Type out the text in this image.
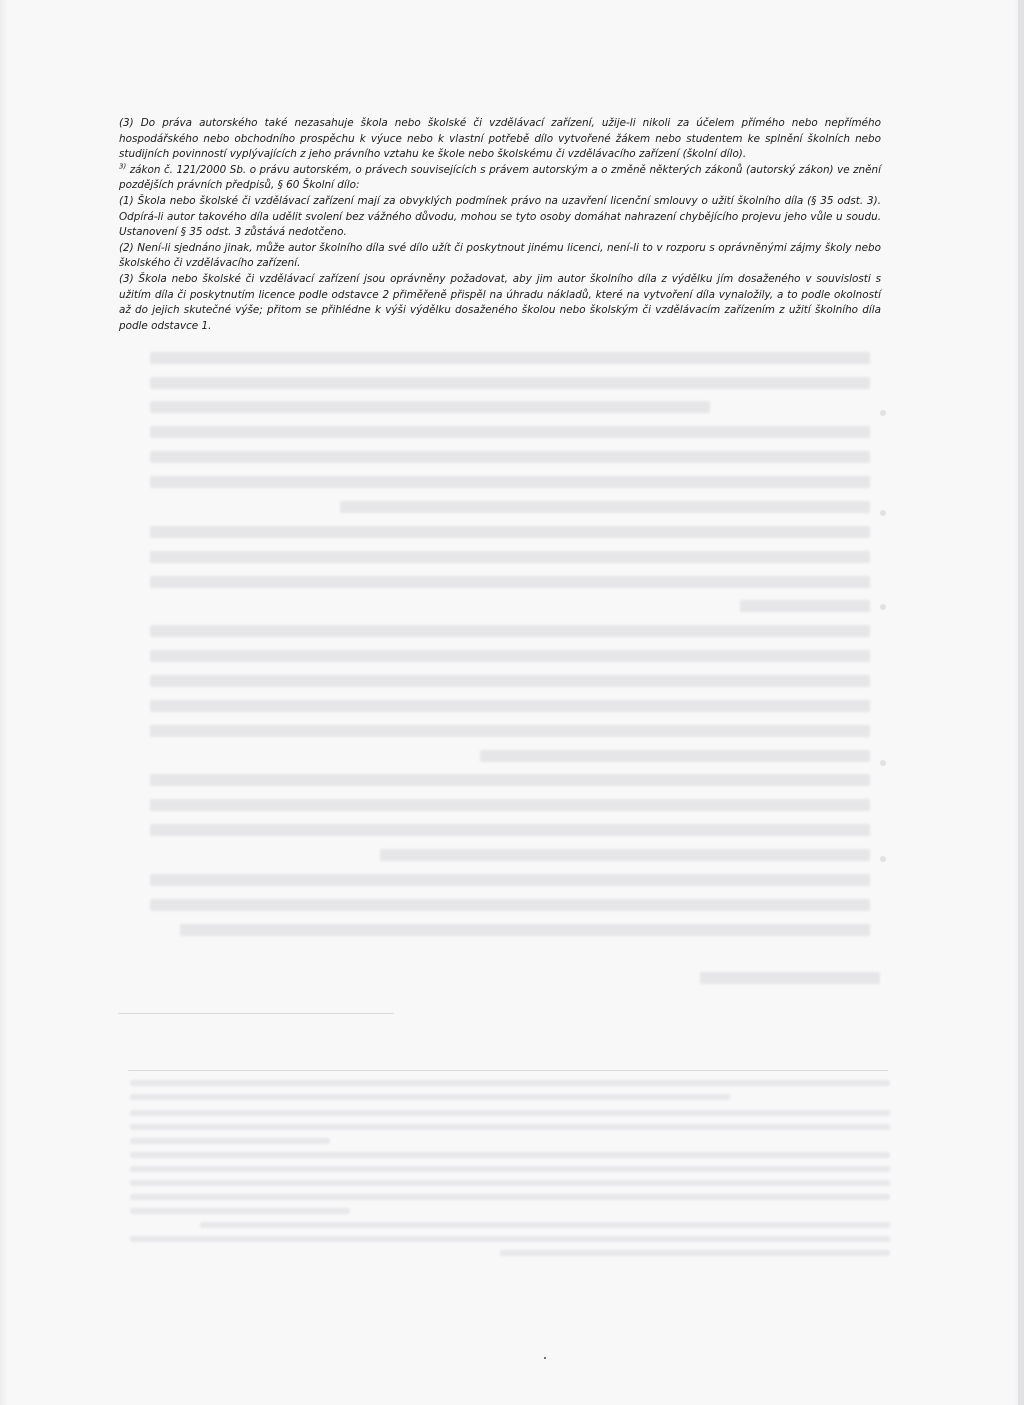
(3) Do práva autorského také nezasahuje škola nebo školské či vzdělávací zařízení, užije-li nikoli za účelem přímého nebo nepřímého hospodářského nebo obchodního prospěchu k výuce nebo k vlastní potřebě dílo vytvořené žákem nebo studentem ke splnění školních nebo studijních povinností vyplývajících z jeho právního vztahu ke škole nebo školskému či vzdělávacího zařízení (školní dílo).

$^{3)}$ zákon č. 121/2000 Sb. o právu autorském, o právech souvisejících s právem autorským a o změně některých zákonů (autorský zákon) ve znění pozdějších právních předpisů, § 60 Školní dílo:

(1) Škola nebo školské či vzdělávací zařízení mají za obvyklých podmínek právo na uzavření licenční smlouvy o užití školního díla (§ 35 odst. 3). Odpírá-li autor takového díla udělit svolení bez vážného důvodu, mohou se tyto osoby domáhat nahrazení chybějícího projevu jeho vůle u soudu. Ustanovení § 35 odst. 3 zůstává nedotčeno.

(2) Není-li sjednáno jinak, může autor školního díla své dílo užít či poskytnout jinému licenci, není-li to v rozporu s oprávněnými zájmy školy nebo školského či vzdělávacího zařízení.

(3) Škola nebo školské či vzdělávací zařízení jsou oprávněny požadovat, aby jim autor školního díla z výdělku jím dosaženého v souvislosti s užitím díla či poskytnutím licence podle odstavce 2 přiměřeně přispěl na úhradu nákladů, které na vytvoření díla vynaložily, a to podle okolností až do jejich skutečné výše; přitom se přihlédne k výši výdělku dosaženého školou nebo školským či vzdělávacím zařízením z užití školního díla podle odstavce 1.
